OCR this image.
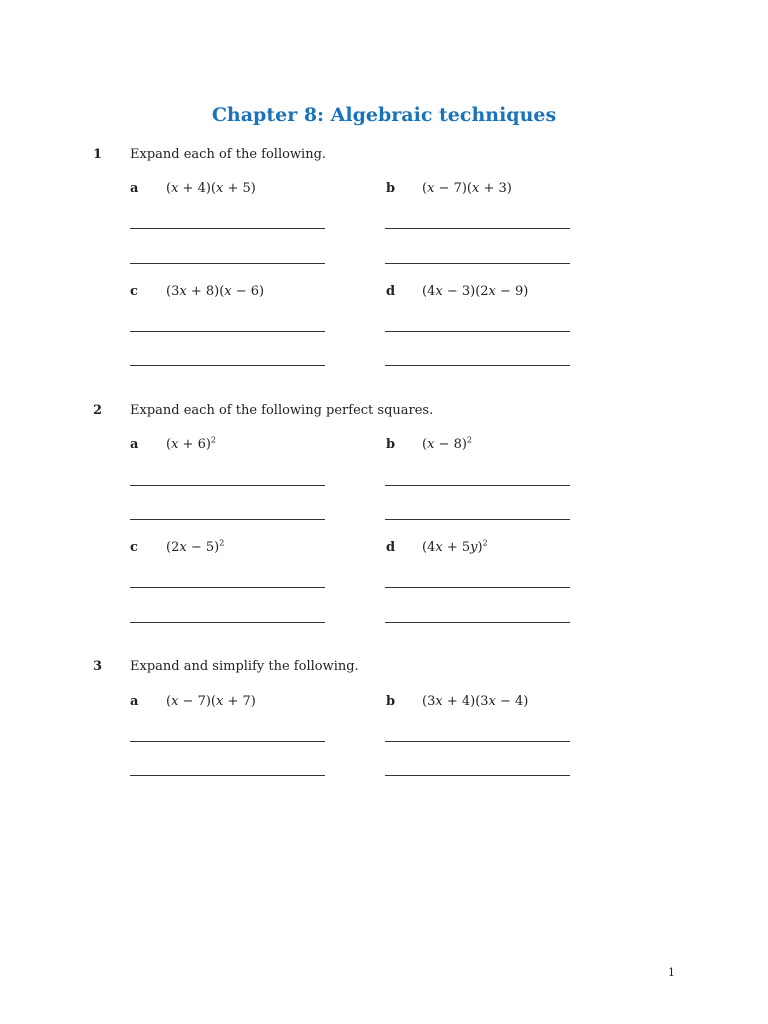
Chapter 8: Algebraic techniques
1 Expand each of the following.
a (x + 4)(x + 5)	b (x − 7)(x + 3)
c (3x + 8)(x − 6)	d (4x − 3)(2x − 9)
2 Expand each of the following perfect squares.
a $(x + 6)^2$	b $(x - 8)^2$
c $(2x - 5)^2$	d $(4x + 5y)^2$
3 Expand and simplify the following.
a (x − 7)(x + 7)	b (3x + 4)(3x − 4)
1
